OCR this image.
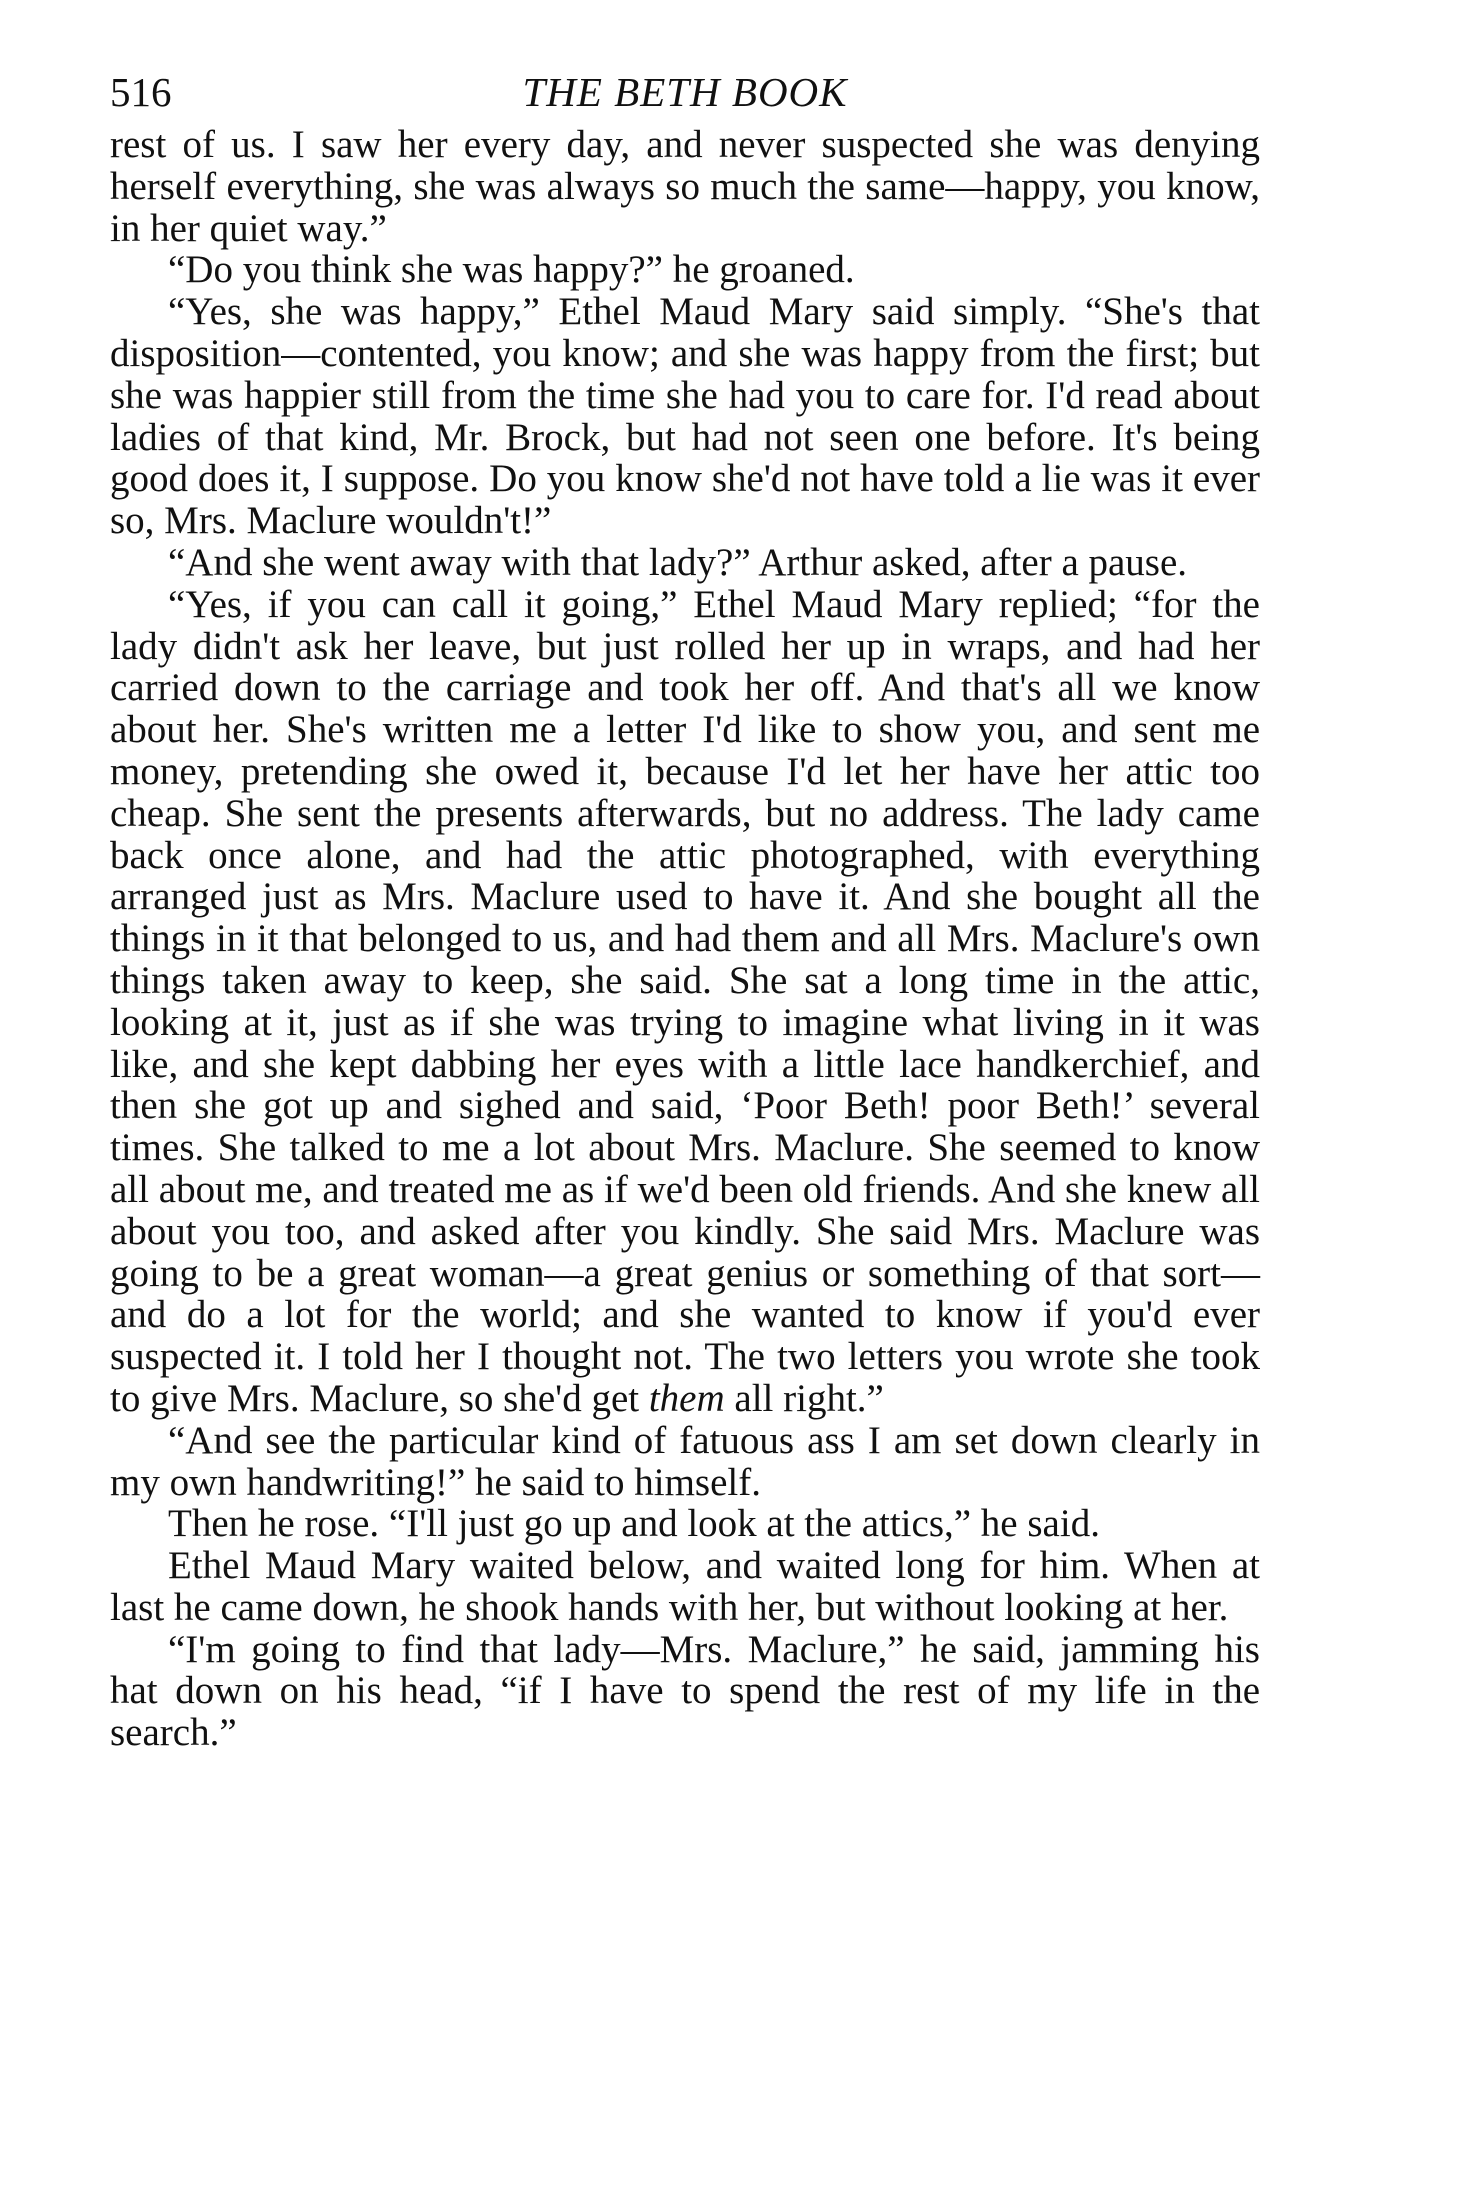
516	THE BETH BOOK

rest of us. I saw her every day, and never suspected she was denying herself everything, she was always so much the same—happy, you know, in her quiet way.”

“Do you think she was happy?” he groaned.

“Yes, she was happy,” Ethel Maud Mary said simply. “She's that disposition—contented, you know; and she was happy from the first; but she was happier still from the time she had you to care for. I'd read about ladies of that kind, Mr. Brock, but had not seen one before. It's being good does it, I suppose. Do you know she'd not have told a lie was it ever so, Mrs. Maclure wouldn't!”

“And she went away with that lady?” Arthur asked, after a pause.

“Yes, if you can call it going,” Ethel Maud Mary replied; “for the lady didn't ask her leave, but just rolled her up in wraps, and had her carried down to the carriage and took her off. And that's all we know about her. She's written me a letter I'd like to show you, and sent me money, pretending she owed it, because I'd let her have her attic too cheap. She sent the presents afterwards, but no address. The lady came back once alone, and had the attic photographed, with everything arranged just as Mrs. Maclure used to have it. And she bought all the things in it that belonged to us, and had them and all Mrs. Maclure's own things taken away to keep, she said. She sat a long time in the attic, looking at it, just as if she was trying to imagine what living in it was like, and she kept dabbing her eyes with a little lace handkerchief, and then she got up and sighed and said, ‘Poor Beth! poor Beth!’ several times. She talked to me a lot about Mrs. Maclure. She seemed to know all about me, and treated me as if we'd been old friends. And she knew all about you too, and asked after you kindly. She said Mrs. Maclure was going to be a great woman—a great genius or something of that sort—and do a lot for the world; and she wanted to know if you'd ever suspected it. I told her I thought not. The two letters you wrote she took to give Mrs. Maclure, so she'd get them all right.”

“And see the particular kind of fatuous ass I am set down clearly in my own handwriting!” he said to himself.

Then he rose. “I'll just go up and look at the attics,” he said.

Ethel Maud Mary waited below, and waited long for him. When at last he came down, he shook hands with her, but without looking at her.

“I'm going to find that lady—Mrs. Maclure,” he said, jamming his hat down on his head, “if I have to spend the rest of my life in the search.”
